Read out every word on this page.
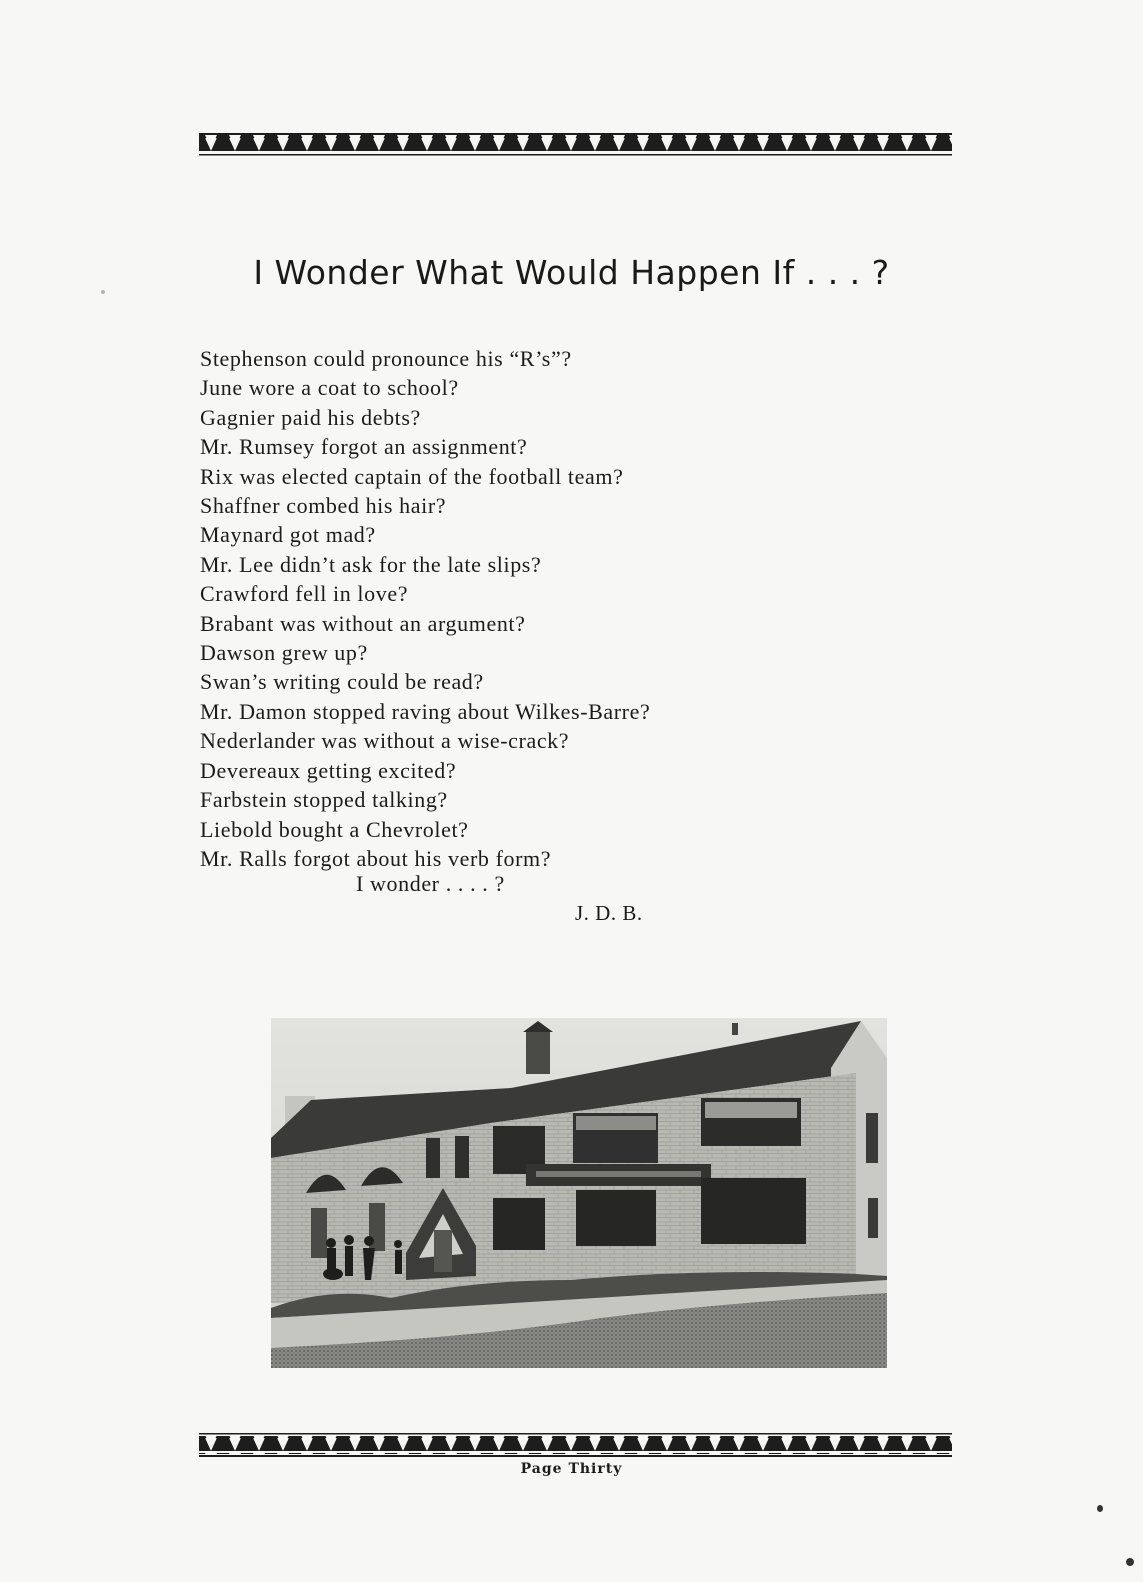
I Wonder What Would Happen If . . . ?
Stephenson could pronounce his “R’s”?
June wore a coat to school?
Gagnier paid his debts?
Mr. Rumsey forgot an assignment?
Rix was elected captain of the football team?
Shaffner combed his hair?
Maynard got mad?
Mr. Lee didn’t ask for the late slips?
Crawford fell in love?
Brabant was without an argument?
Dawson grew up?
Swan’s writing could be read?
Mr. Damon stopped raving about Wilkes-Barre?
Nederlander was without a wise-crack?
Devereaux getting excited?
Farbstein stopped talking?
Liebold bought a Chevrolet?
Mr. Ralls forgot about his verb form?
I wonder . . . . ?
J. D. B.
Page Thirty
